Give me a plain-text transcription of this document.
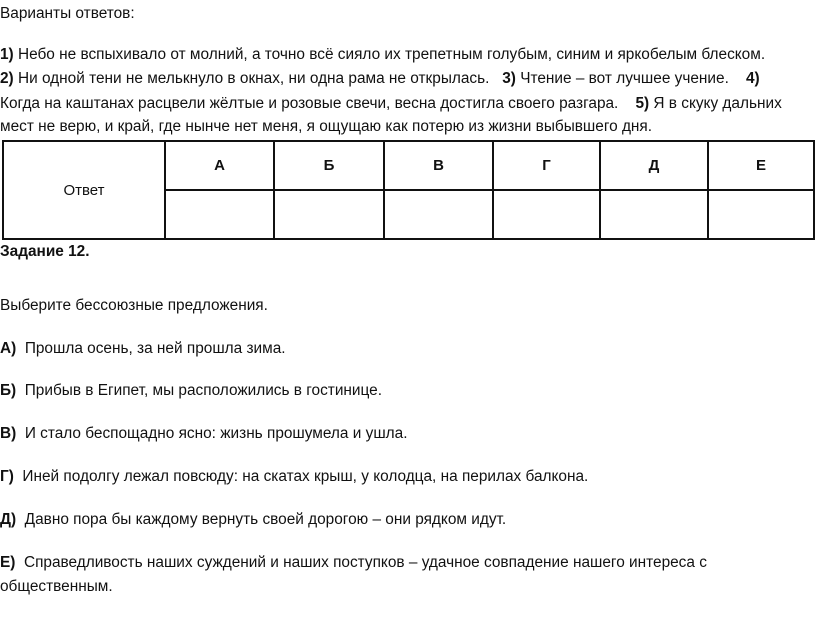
Варианты ответов:
1) Небо не вспыхивало от молний, а точно всё сияло их трепетным голубым, синим и яркобелым блеском.
2) Ни одной тени не мелькнуло в окнах, ни одна рама не открылась. 3) Чтение – вот лучшее учение. 4)
Когда на каштанах расцвели жёлтые и розовые свечи, весна достигла своего разгара. 5) Я в скуку дальних
мест не верю, и край, где нынче нет меня, я ощущаю как потерю из жизни выбывшего дня.
Ответ	А	Б	В	Г	Д	Е

Задание 12.
Выберите бессоюзные предложения.
А) Прошла осень, за ней прошла зима.
Б) Прибыв в Египет, мы расположились в гостинице.
В) И стало беспощадно ясно: жизнь прошумела и ушла.
Г) Иней подолгу лежал повсюду: на скатах крыш, у колодца, на перилах балкона.
Д) Давно пора бы каждому вернуть своей дорогою – они рядком идут.
Е) Справедливость наших суждений и наших поступков – удачное совпадение нашего интереса с
общественным.
